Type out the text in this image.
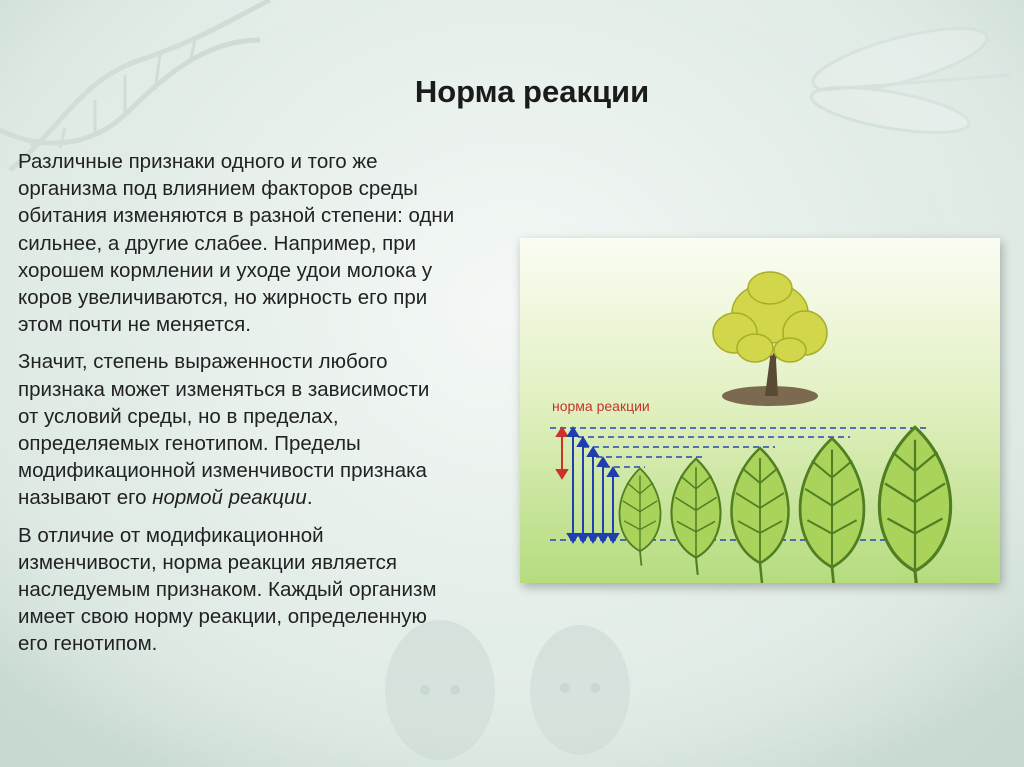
Норма реакции

Различные признаки одного и того же
организма под влиянием факторов среды
обитания изменяются в разной степени: одни
сильнее, а другие слабее. Например, при
хорошем кормлении и уходе удои молока у
коров увеличиваются, но жирность его при
этом почти не меняется.

Значит, степень выраженности любого
признака может изменяться в зависимости
от условий среды, но в пределах,
определяемых генотипом. Пределы
модификационной изменчивости признака
называют его нормой реакции.

В отличие от модификационной
изменчивости, норма реакции является
наследуемым признаком. Каждый организм
имеет свою норму реакции, определенную
его генотипом.

норма реакции
